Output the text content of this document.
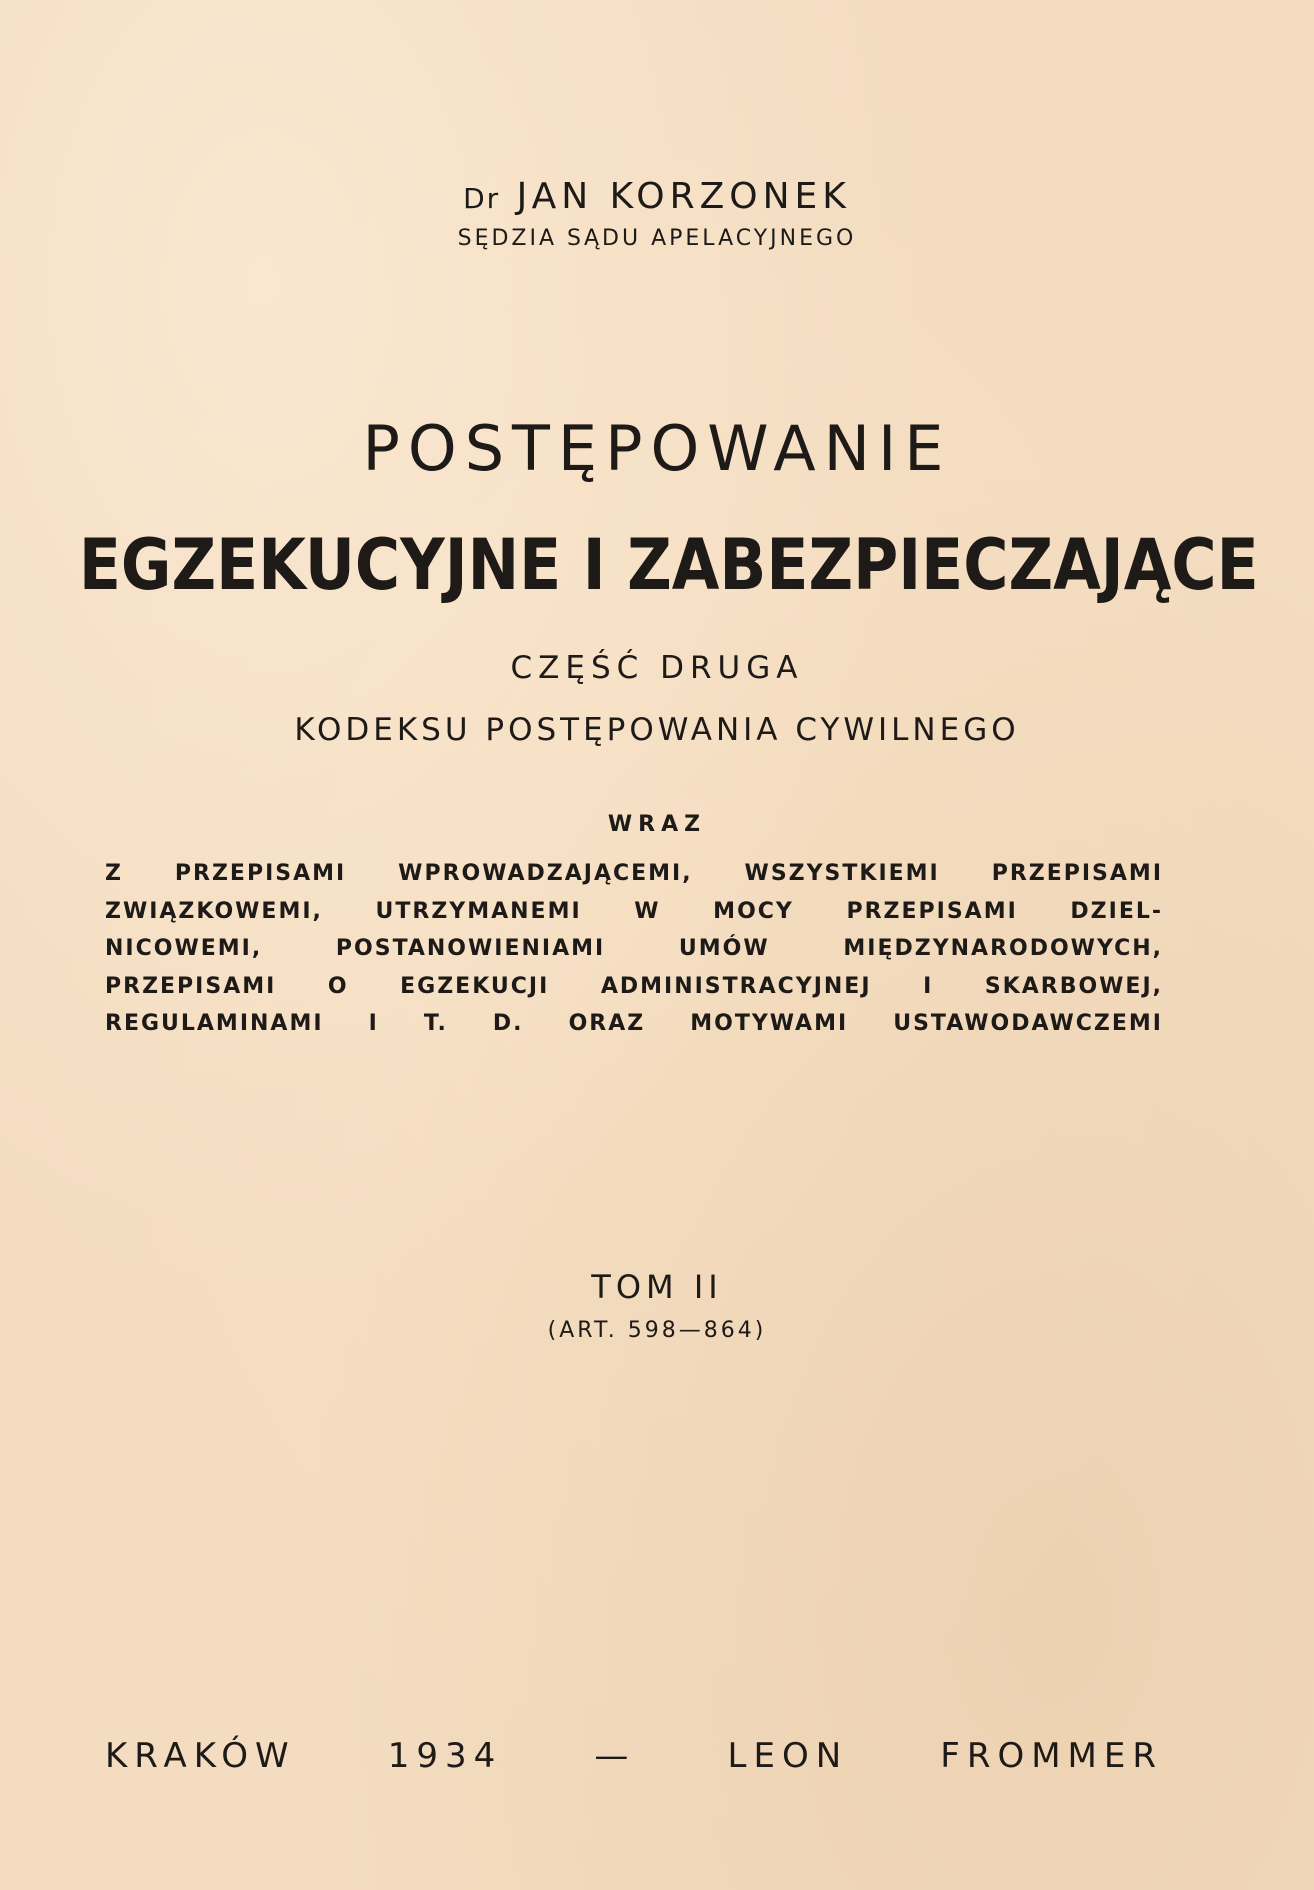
Dr JAN KORZONEK
SĘDZIA SĄDU APELACYJNEGO
POSTĘPOWANIE
EGZEKUCYJNE I ZABEZPIECZAJĄCE
CZĘŚĆ DRUGA
KODEKSU POSTĘPOWANIA CYWILNEGO
WRAZ
Z PRZEPISAMI WPROWADZAJĄCEMI, WSZYSTKIEMI PRZEPISAMI
ZWIĄZKOWEMI, UTRZYMANEMI W MOCY PRZEPISAMI DZIEL-
NICOWEMI, POSTANOWIENIAMI UMÓW MIĘDZYNARODOWYCH,
PRZEPISAMI O EGZEKUCJI ADMINISTRACYJNEJ I SKARBOWEJ,
REGULAMINAMI I T. D. ORAZ MOTYWAMI USTAWODAWCZEMI
TOM II
(ART. 598—864)
KRAKÓW 1934	—	LEON FROMMER
